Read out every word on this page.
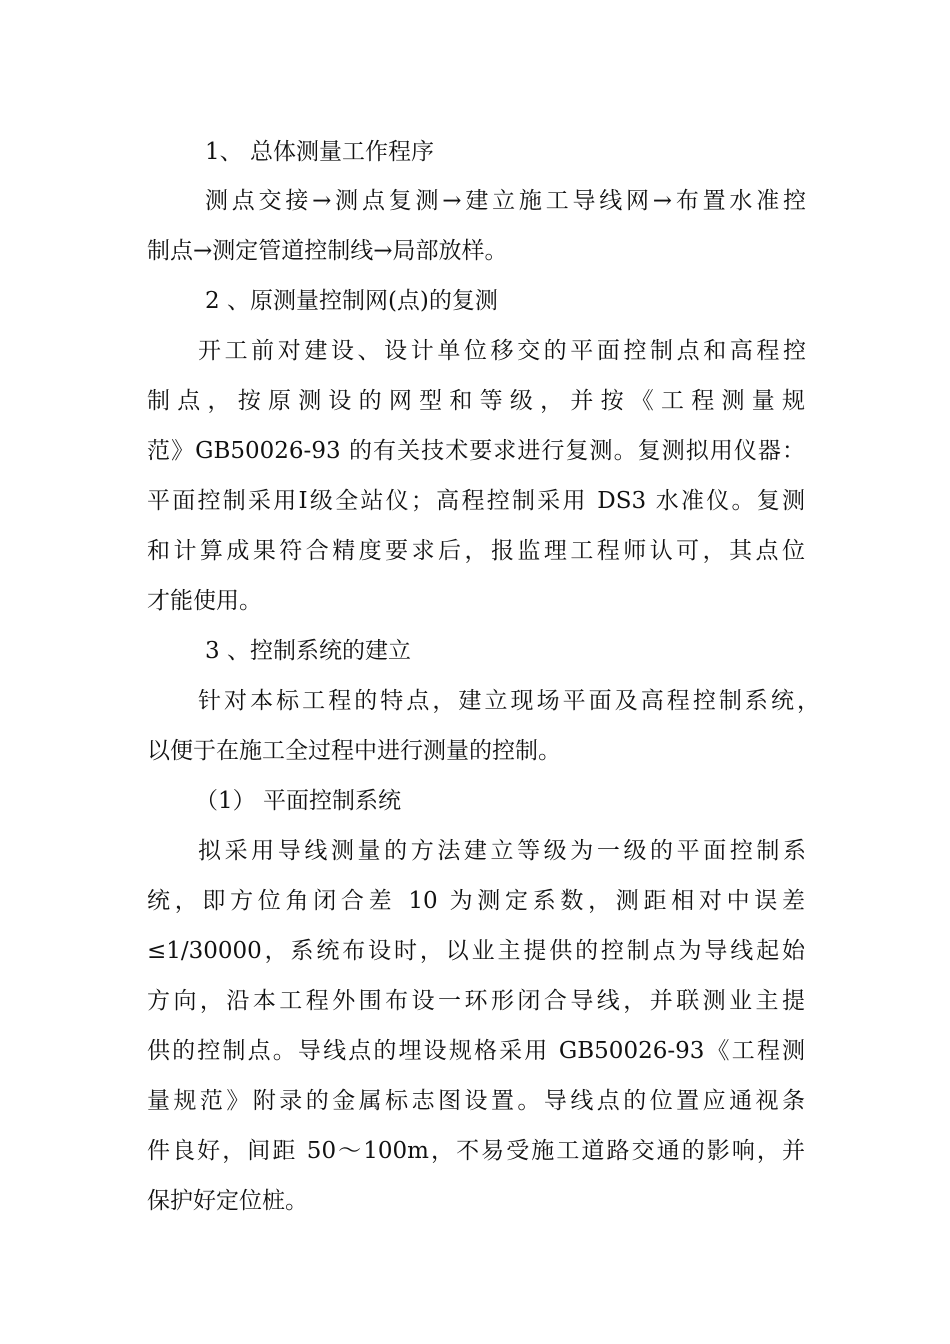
1、 总体测量工作程序
测点交接→测点复测→建立施工导线网→布置水准控
制点→测定管道控制线→局部放样。
2 、原测量控制网(点)的复测
开工前对建设、设计单位移交的平面控制点和高程控
制点，按原测设的网型和等级，并按《工程测量规
范》GB50026-93 的有关技术要求进行复测。复测拟用仪器：
平面控制采用Ⅰ级全站仪；高程控制采用 DS3 水准仪。复测
和计算成果符合精度要求后，报监理工程师认可，其点位
才能使用。
3 、控制系统的建立
针对本标工程的特点，建立现场平面及高程控制系统，
以便于在施工全过程中进行测量的控制。
（1） 平面控制系统
拟采用导线测量的方法建立等级为一级的平面控制系
统，即方位角闭合差 10 为测定系数，测距相对中误差
≤1/30000，系统布设时，以业主提供的控制点为导线起始
方向，沿本工程外围布设一环形闭合导线，并联测业主提
供的控制点。导线点的埋设规格采用 GB50026-93《工程测
量规范》附录的金属标志图设置。导线点的位置应通视条
件良好，间距 50～100m，不易受施工道路交通的影响，并
保护好定位桩。
